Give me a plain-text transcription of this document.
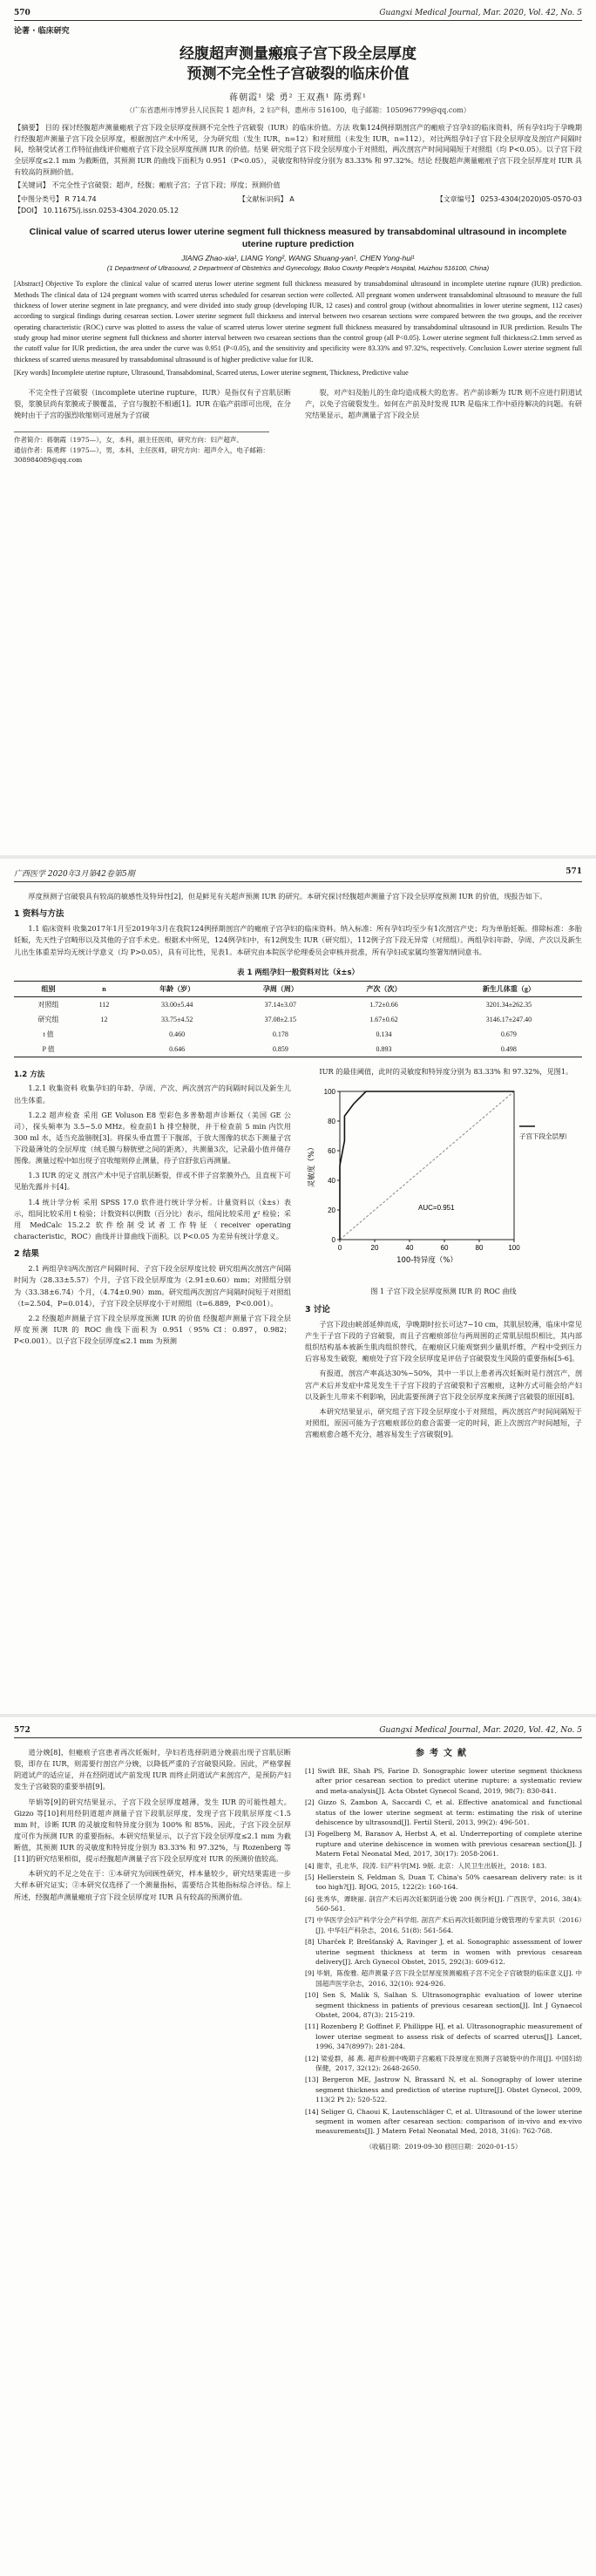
570	Guangxi Medical Journal, Mar. 2020, Vol. 42, No. 5
论著 · 临床研究
经腹超声测量瘢痕子宫下段全层厚度
预测不完全性子宫破裂的临床价值
蒋朝霞¹ 梁 勇² 王双燕¹ 陈勇辉¹
（广东省惠州市博罗县人民医院 1 超声科，2 妇产科，惠州市 516100，电子邮箱：1050967799@qq.com）
【摘要】 目的 探讨经腹超声测量瘢痕子宫下段全层厚度预测不完全性子宫破裂（IUR）的临床价值。方法 收集124例择期剖宫产的瘢痕子宫孕妇的临床资料，所有孕妇均于孕晚期行经腹超声测量子宫下段全层厚度，根据剖宫产术中所见，分为研究组（发生 IUR，n=12）和对照组（未发生 IUR，n=112），对比两组孕妇子宫下段全层厚度及剖宫产间隔时间，绘制受试者工作特征曲线评价瘢痕子宫下段全层厚度预测 IUR 的价值。结果 研究组子宫下段全层厚度小于对照组，两次剖宫产时间间隔短于对照组（均 P<0.05）。以子宫下段全层厚度≤2.1 mm 为截断值，其预测 IUR 的曲线下面积为 0.951（P<0.05），灵敏度和特异度分别为 83.33% 和 97.32%。结论 经腹超声测量瘢痕子宫下段全层厚度对 IUR 具有较高的预测价值。
【关键词】 不完全性子宫破裂；超声，经腹；瘢痕子宫；子宫下段；厚度；预测价值
【中图分类号】 R 714.74	【文献标识码】 A	【文章编号】 0253-4304(2020)05-0570-03
【DOI】 10.11675/j.issn.0253-4304.2020.05.12
Clinical value of scarred uterus lower uterine segment full thickness measured by transabdominal ultrasound in incomplete uterine rupture prediction
JIANG Zhao-xia¹, LIANG Yong², WANG Shuang-yan¹, CHEN Yong-hui¹
(1 Department of Ultrasound, 2 Department of Obstetrics and Gynecology, Boluo County People's Hospital, Huizhou 516100, China)
[Abstract] Objective To explore the clinical value of scarred uterus lower uterine segment full thickness measured by transabdominal ultrasound in incomplete uterine rupture (IUR) prediction. Methods The clinical data of 124 pregnant women with scarred uterus scheduled for cesarean section were collected. All pregnant women underwent transabdominal ultrasound to measure the full thickness of lower uterine segment in late pregnancy, and were divided into study group (developing IUR, 12 cases) and control group (without abnormalities in lower uterine segment, 112 cases) according to surgical findings during cesarean section. Lower uterine segment full thickness and interval between two cesarean sections were compared between the two groups, and the receiver operating characteristic (ROC) curve was plotted to assess the value of scarred uterus lower uterine segment full thickness measured by transabdominal ultrasound in IUR prediction. Results The study group had minor uterine segment full thickness and shorter interval between two cesarean sections than the control group (all P<0.05). Lower uterine segment full thickness≤2.1mm served as the cutoff value for IUR prediction, the area under the curve was 0.951 (P<0.05), and the sensitivity and specificity were 83.33% and 97.32%, respectively. Conclusion Lower uterine segment full thickness of scarred uterus measured by transabdominal ultrasound is of higher predictive value for IUR.
[Key words] Incomplete uterine rupture, Ultrasound, Transabdominal, Scarred uterus, Lower uterine segment, Thickness, Predictive value

不完全性子宫破裂（incomplete uterine rupture，IUR）是指仅有子宫肌层断裂，浆膜层尚有浆膜或子膜覆盖，子宫与腹腔不相通[1]。IUR 在临产前即可出现，在分娩时由于子宫的强烈收缩则可进展为子宫破

裂，对产妇及胎儿的生命均造成极大的危害。若产前诊断为 IUR 则不应进行阴道试产，以免子宫破裂发生。如何在产前及时发现 IUR 是临床工作中亟待解决的问题。有研究结果显示，超声测量子宫下段全层

作者简介：蒋朝霞（1975—），女，本科，副主任医师，研究方向：妇产超声。
通信作者：陈勇辉（1975—），男，本科，主任医师，研究方向：超声介入，电子邮箱：308984089@qq.com
广西医学 2020年3月第42卷第5期	571

厚度预测子宫破裂具有较高的敏感性及特异性[2]，但是鲜见有关超声预测 IUR 的研究。本研究探讨经腹超声测量子宫下段全层厚度预测 IUR 的价值，现报告如下。

1 资料与方法

1.1 临床资料 收集2017年1月至2019年3月在我院124例择期剖宫产的瘢痕子宫孕妇的临床资料。纳入标准：所有孕妇均至少有1次剖宫产史；均为单胎妊娠。排除标准：多胎妊娠，先天性子宫畸形以及其他的子宫手术史。根据术中所见，124例孕妇中，有12例发生 IUR（研究组），112例子宫下段无异常（对照组）。两组孕妇年龄、孕周、产次以及新生儿出生体重差异均无统计学意义（均 P>0.05），具有可比性，见表1。本研究由本院医学伦理委员会审核并批准，所有孕妇或家属均签署知情同意书。

表 1 两组孕妇一般资料对比（x̄±s）
组别	n	年龄（岁）	孕周（周）	产次（次）	新生儿体重（g）
对照组	112	33.00±5.44	37.14±3.07	1.72±0.66	3201.34±262.35
研究组	12	33.75±4.52	37.08±2.15	1.67±0.62	3146.17±247.40
t 值		0.460	0.178	0.134	0.679
P 值		0.646	0.859	0.893	0.498
1.2 方法

1.2.1 收集资料 收集孕妇的年龄、孕周、产次、两次剖宫产的间隔时间以及新生儿出生体重。

1.2.2 超声检查 采用 GE Voluson E8 型彩色多普勒超声诊断仪（美国 GE 公司），探头频率为 3.5~5.0 MHz。检查前1 h 排空膀胱，并于检查前 5 min 内饮用 300 ml 水，适当充盈膀胱[3]。将探头垂直置于下腹部，于放大图像的状态下测量子宫下段最薄处的全层厚度（绒毛膜与膀胱壁之间的距离），共测量3次，记录最小值并储存图像。测量过程中如出现子宫收缩则停止测量，待子宫舒张后再测量。

1.3 IUR 的定义 剖宫产术中见子宫肌层断裂，伴或不伴子宫浆膜外凸，且直视下可见胎先露并卡[4]。

1.4 统计学分析 采用 SPSS 17.0 软件进行统计学分析。计量资料以（x̄±s）表示，组间比较采用 t 检验；计数资料以例数（百分比）表示，组间比较采用 χ² 检验；采用 MedCalc 15.2.2 软件绘制受试者工作特征（receiver operating characteristic，ROC）曲线并计算曲线下面积。以 P<0.05 为差异有统计学意义。

2 结果

2.1 两组孕妇两次剖宫产间隔时间、子宫下段全层厚度比较 研究组两次剖宫产间隔时间为（28.33±5.57）个月，子宫下段全层厚度为（2.91±0.60）mm；对照组分别为（33.38±6.74）个月，（4.74±0.90）mm。研究组两次剖宫产间隔时间短于对照组（t=2.504，P=0.014），子宫下段全层厚度小于对照组（t=6.889，P<0.001）。

2.2 经腹超声测量子宫下段全层厚度预测 IUR 的价值 经腹超声测量子宫下段全层厚度预测 IUR 的 ROC 曲线下面积为 0.951（95% CI：0.897，0.982；P<0.001）。以子宫下段全层厚度≤2.1 mm 为预测

IUR 的最佳阈值，此时的灵敏度和特异度分别为 83.33% 和 97.32%，见图1。

0	20	40	60	80	100
0
20
40
60
80
100
100-特异度（%）
灵敏度（%）
子宫下段全层厚度
AUC=0.951
图 1 子宫下段全层厚度预测 IUR 的 ROC 曲线
3 讨论

子宫下段由峡部延伸而成，孕晚期时拉长可达7~10 cm，其肌层较薄，临床中常见产生于子宫下段的子宫破裂，而且子宫瘢痕部位与两周围的正常肌层组织相比，其内部组织结构基本被新生肌肉组织替代，在瘢痕区只能观察到少量肌纤维，产程中受到压力后容易发生破裂，瘢痕处子宫下段全层厚度是评估子宫破裂发生风险的重要指标[5-6]。

有报道，剖宫产率高达30%~50%，其中一半以上患者再次妊娠时是行剖宫产，剖宫产术后并发症中常见发生于子宫下段的子宫破裂和子宫瘢痕，这种方式可能会给产妇以及新生儿带来不利影响，因此需要预测子宫下段全层厚度来预测子宫破裂的原因[8]。

本研究结果显示，研究组子宫下段全层厚度小于对照组，两次剖宫产时间间隔短于对照组，原因可能为子宫瘢痕部位的愈合需要一定的时间，距上次剖宫产时间越短，子宫瘢痕愈合越不充分，越容易发生子宫破裂[9]。

572	Guangxi Medical Journal, Mar. 2020, Vol. 42, No. 5

道分娩[8]，但瘢痕子宫患者再次妊娠时，孕妇若选择阴道分娩前出现子宫肌层断裂，即存在 IUR，则需要行剖宫产分娩，以降低严重的子宫破裂风险。因此，严格掌握阴道试产的适应证，并在经阴道试产前发现 IUR 而终止阴道试产来剖宫产，是预防产妇发生子宫破裂的重要举措[9]。

毕娟等[9]的研究结果显示，子宫下段全层厚度越薄，发生 IUR 的可能性越大。Gizzo 等[10]利用经阴道超声测量子宫下段肌层厚度，发现子宫下段肌层厚度＜1.5 mm 时，诊断 IUR 的灵敏度和特异度分别为 100% 和 85%。因此，子宫下段全层厚度可作为预测 IUR 的重要指标。本研究结果显示，以子宫下段全层厚度≤2.1 mm 为截断值，其预测 IUR 的灵敏度和特异度分别为 83.33% 和 97.32%，与 Rozenberg 等[11]的研究结果相似，提示经腹超声测量子宫下段全层厚度对 IUR 的预测价值较高。

本研究的不足之处在于：①本研究为回顾性研究，样本量较少，研究结果需进一步大样本研究证实；②本研究仅选择了一个测量指标，需要结合其他指标综合评估。综上所述，经腹超声测量瘢痕子宫下段全层厚度对 IUR 具有较高的预测价值。

参考文献
[1] Swift BE, Shah PS, Farine D. Sonographic lower uterine segment thickness after prior cesarean section to predict uterine rupture: a systematic review and meta-analysis[J]. Acta Obstet Gynecol Scand, 2019, 98(7): 830-841.
[2] Gizzo S, Zambon A, Saccardi C, et al. Effective anatomical and functional status of the lower uterine segment at term: estimating the risk of uterine dehiscence by ultrasound[J]. Fertil Steril, 2013, 99(2): 496-501.
[3] Fogelberg M, Baranov A, Herbst A, et al. Underreporting of complete uterine rupture and uterine dehiscence in women with previous cesarean section[J]. J Matern Fetal Neonatal Med, 2017, 30(17): 2058-2061.
[4] 谢幸，孔北华，段涛. 妇产科学[M]. 9版. 北京：人民卫生出版社，2018: 183.
[5] Hellerstein S, Feldman S, Duan T. China's 50% caesarean delivery rate: is it too high?[J]. BJOG, 2015, 122(2): 160-164.
[6] 张秀华，谭晓丽. 剖宫产术后再次妊娠阴道分娩 200 例分析[J]. 广西医学，2016, 38(4): 560-561.
[7] 中华医学会妇产科学分会产科学组. 剖宫产术后再次妊娠阴道分娩管理的专家共识（2016）[J]. 中华妇产科杂志，2016, 51(8): 561-564.
[8] Uharček P, Brešťanský A, Ravinger J, et al. Sonographic assessment of lower uterine segment thickness at term in women with previous cesarean delivery[J]. Arch Gynecol Obstet, 2015, 292(3): 609-612.
[9] 毕娟，陈俊雅. 超声测量子宫下段全层厚度预测瘢痕子宫不完全子宫破裂的临床意义[J]. 中国超声医学杂志，2016, 32(10): 924-926.
[10] Sen S, Malik S, Salhan S. Ultrasonographic evaluation of lower uterine segment thickness in patients of previous cesarean section[J]. Int J Gynaecol Obstet, 2004, 87(3): 215-219.
[11] Rozenberg P, Goffinet F, Phillippe HJ, et al. Ultrasonographic measurement of lower uterine segment to assess risk of defects of scarred uterus[J]. Lancet, 1996, 347(8997): 281-284.
[12] 梁爱群，郝 燕. 超声检测中晚期子宫瘢痕下段厚度在预测子宫破裂中的作用[J]. 中国妇幼保健，2017, 32(12): 2648-2650.
[13] Bergeron ME, Jastrow N, Brassard N, et al. Sonography of lower uterine segment thickness and prediction of uterine rupture[J]. Obstet Gynecol, 2009, 113(2 Pt 2): 520-522.
[14] Seliger G, Chaoui K, Lautenschläger C, et al. Ultrasound of the lower uterine segment in women after cesarean section: comparison of in-vivo and ex-vivo measurements[J]. J Matern Fetal Neonatal Med, 2018, 31(6): 762-768.
（收稿日期：2019-09-30 修回日期：2020-01-15）
